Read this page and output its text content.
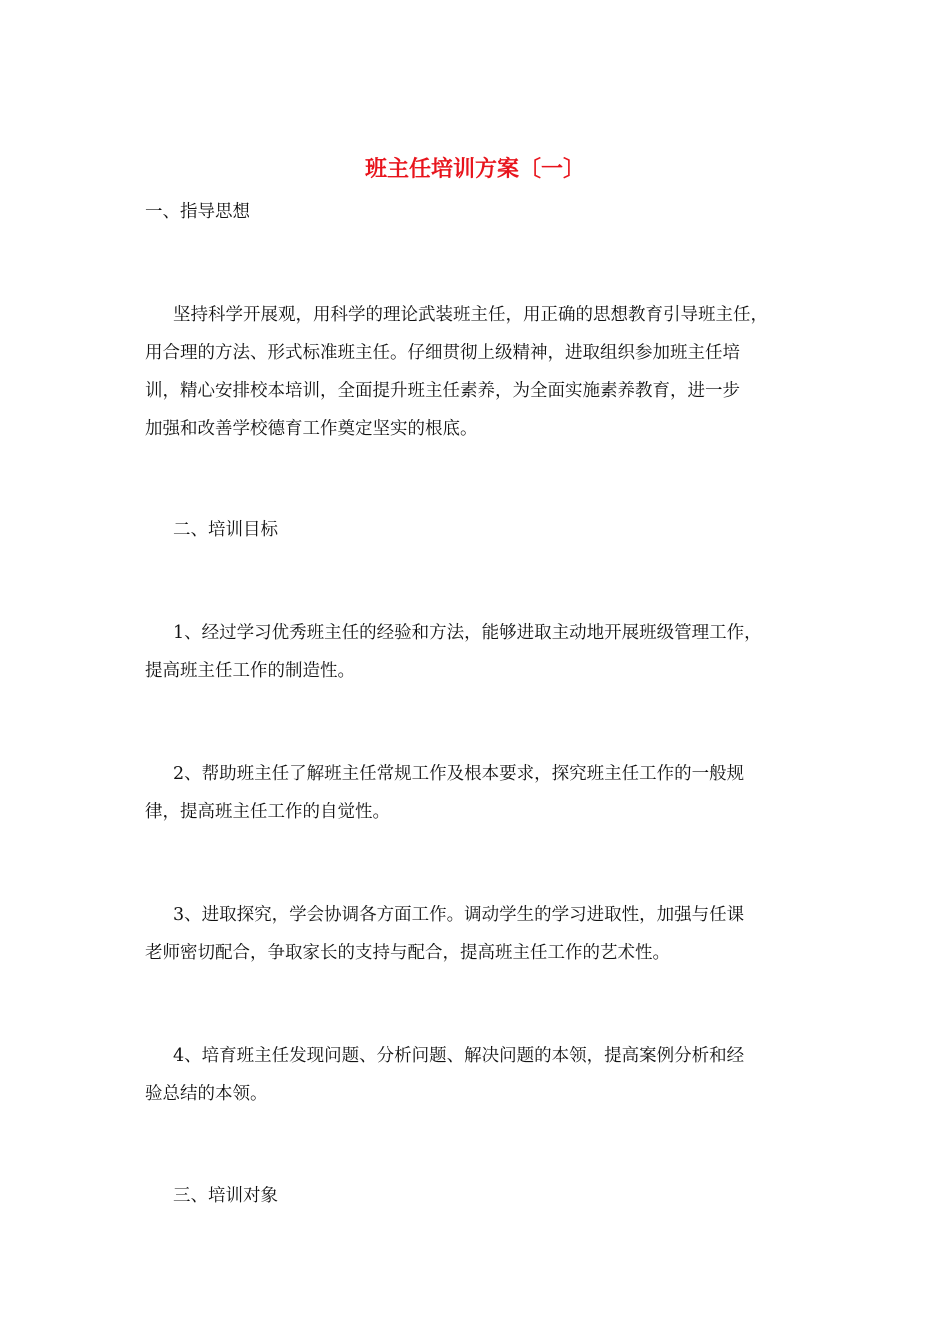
班主任培训方案〔一〕

一、指导思想

坚持科学开展观，用科学的理论武装班主任，用正确的思想教育引导班主任，
用合理的方法、形式标准班主任。仔细贯彻上级精神，进取组织参加班主任培
训，精心安排校本培训，全面提升班主任素养，为全面实施素养教育，进一步
加强和改善学校德育工作奠定坚实的根底。

二、培训目标

1、经过学习优秀班主任的经验和方法，能够进取主动地开展班级管理工作，
提高班主任工作的制造性。

2、帮助班主任了解班主任常规工作及根本要求，探究班主任工作的一般规
律，提高班主任工作的自觉性。

3、进取探究，学会协调各方面工作。调动学生的学习进取性，加强与任课
老师密切配合，争取家长的支持与配合，提高班主任工作的艺术性。

4、培育班主任发现问题、分析问题、解决问题的本领，提高案例分析和经
验总结的本领。

三、培训对象
